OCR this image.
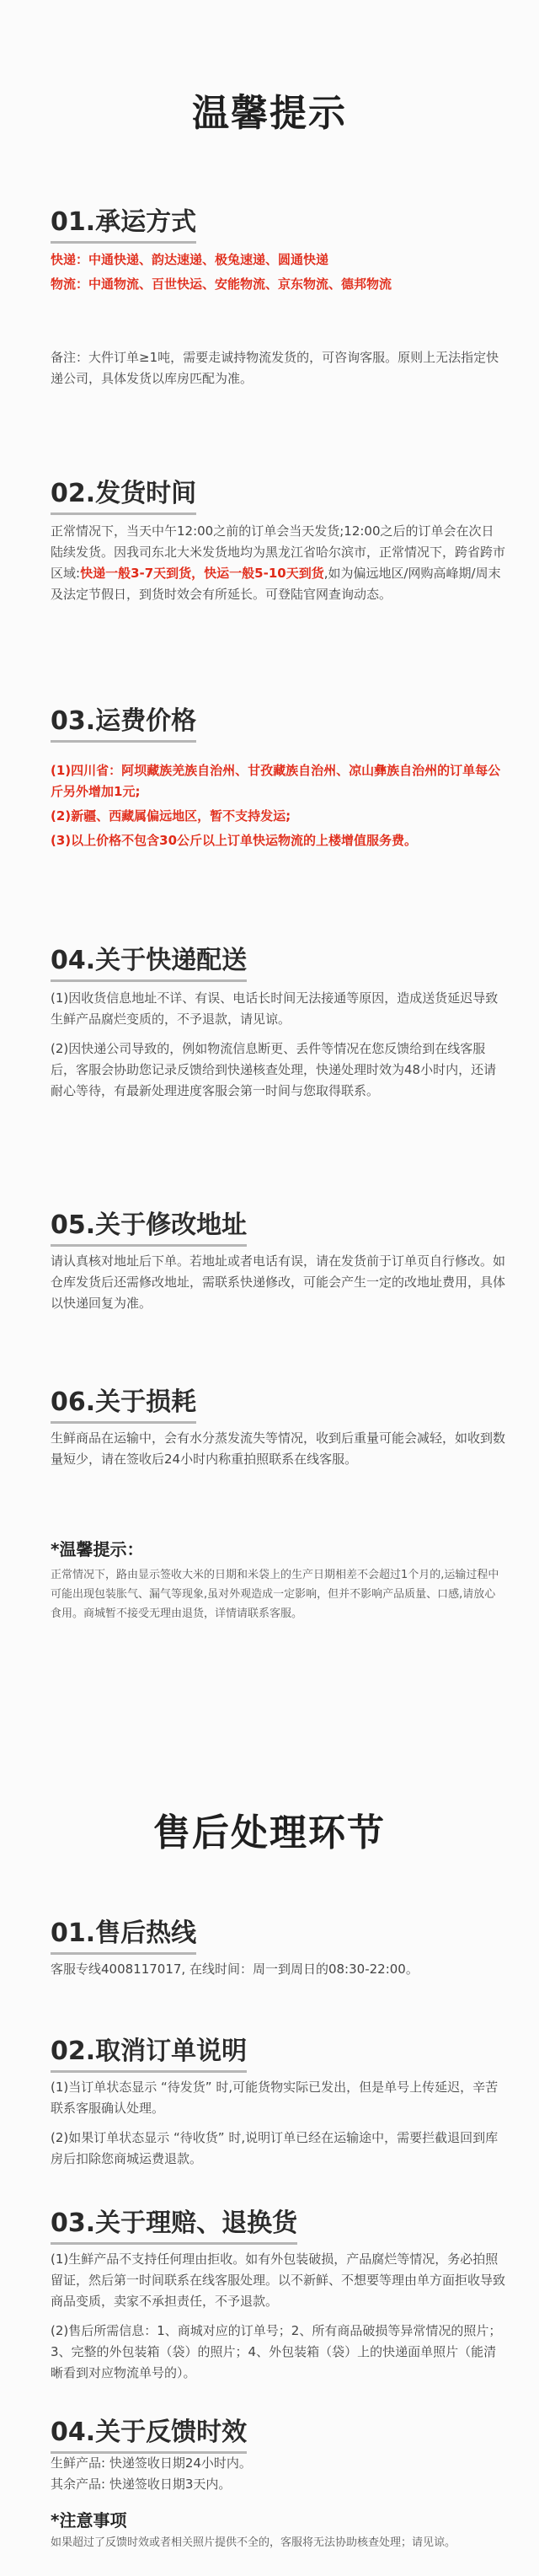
温馨提示
01.承运方式

快递：中通快递、韵达速递、极兔速递、圆通快递

物流：中通物流、百世快运、安能物流、京东物流、德邦物流

备注：大件订单≥1吨，需要走诚持物流发货的，可咨询客服。原则上无法指定快递公司，具体发货以库房匹配为准。

02.发货时间

正常情况下，当天中午12:00之前的订单会当天发货;12:00之后的订单会在次日陆续发货。因我司东北大米发货地均为黑龙江省哈尔滨市，正常情况下，跨省跨市区域:快递一般3-7天到货，快运一般5-10天到货,如为偏远地区/网购高峰期/周末及法定节假日，到货时效会有所延长。可登陆官网查询动态。

03.运费价格

(1)四川省：阿坝藏族羌族自治州、甘孜藏族自治州、凉山彝族自治州的订单每公斤另外增加1元;

(2)新疆、西藏属偏远地区，暂不支持发运;

(3)以上价格不包含30公斤以上订单快运物流的上楼增值服务费。

04.关于快递配送

(1)因收货信息地址不详、有误、电话长时间无法接通等原因，造成送货延迟导致生鲜产品腐烂变质的，不予退款，请见谅。

(2)因快递公司导致的，例如物流信息断更、丢件等情况在您反馈给到在线客服后，客服会协助您记录反馈给到快递核查处理，快递处理时效为48小时内，还请耐心等待，有最新处理进度客服会第一时间与您取得联系。

05.关于修改地址

请认真核对地址后下单。若地址或者电话有误，请在发货前于订单页自行修改。如仓库发货后还需修改地址，需联系快递修改，可能会产生一定的改地址费用，具体以快递回复为准。

06.关于损耗

生鲜商品在运输中，会有水分蒸发流失等情况，收到后重量可能会减轻，如收到数量短少，请在签收后24小时内称重拍照联系在线客服。

*温馨提示：

正常情况下，路由显示签收大米的日期和米袋上的生产日期相差不会超过1个月的,运输过程中可能出现包装胀气、漏气等现象,虽对外观造成一定影响，但并不影响产品质量、口感,请放心食用。商城暂不接受无理由退货，详情请联系客服。

售后处理环节
01.售后热线

客服专线4008117017, 在线时间：周一到周日的08:30-22:00。

02.取消订单说明

(1)当订单状态显示 “待发货” 时,可能货物实际已发出，但是单号上传延迟，辛苦联系客服确认处理。

(2)如果订单状态显示 “待收货” 时,说明订单已经在运输途中，需要拦截退回到库房后扣除您商城运费退款。

03.关于理赔、退换货

(1)生鲜产品不支持任何理由拒收。如有外包装破损，产品腐烂等情况，务必拍照留证，然后第一时间联系在线客服处理。以不新鲜、不想要等理由单方面拒收导致商品变质，卖家不承担责任，不予退款。

(2)售后所需信息：1、商城对应的订单号；2、所有商品破损等异常情况的照片；3、完整的外包装箱（袋）的照片；4、外包装箱（袋）上的快递面单照片（能清晰看到对应物流单号的）。

04.关于反馈时效

生鲜产品: 快递签收日期24小时内。

其余产品: 快递签收日期3天内。

*注意事项

如果超过了反馈时效或者相关照片提供不全的，客服将无法协助核查处理；请见谅。
